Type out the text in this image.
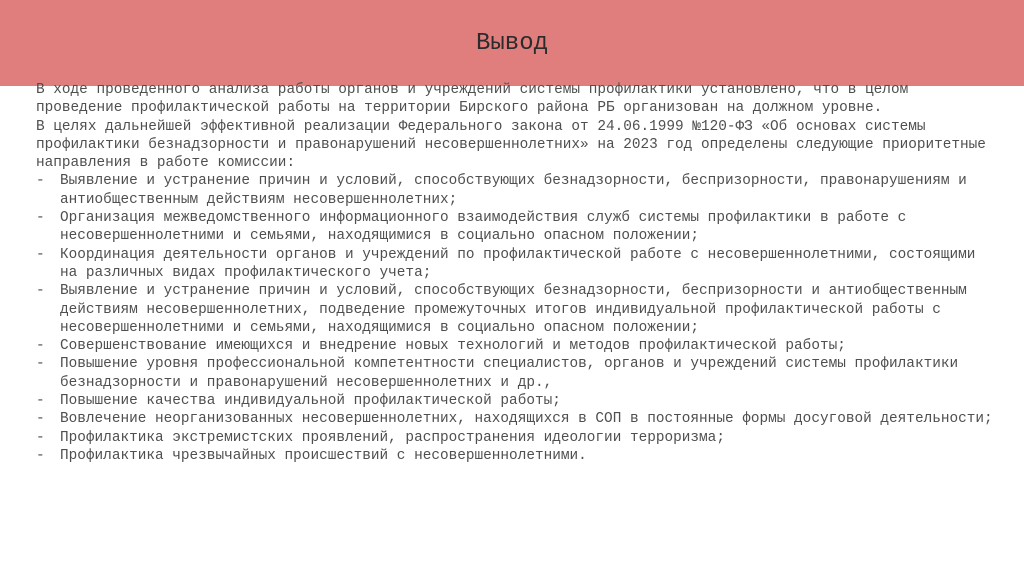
Вывод

В ходе проведенного анализа работы органов и учреждений системы профилактики установлено, что в целом проведение профилактической работы на территории Бирского района РБ организован на должном уровне.

В целях дальнейшей эффективной реализации Федерального закона от 24.06.1999 №120-ФЗ «Об основах системы профилактики безнадзорности и правонарушений несовершеннолетних» на 2023 год определены следующие приоритетные направления в работе комиссии:

-	Выявление и устранение причин и условий, способствующих безнадзорности, беспризорности, правонарушениям и антиобщественным действиям несовершеннолетних;
-	Организация межведомственного информационного взаимодействия служб системы профилактики в работе с несовершеннолетними и семьями, находящимися в социально опасном положении;
-	Координация деятельности органов и учреждений по профилактической работе с несовершеннолетними, состоящими на различных видах профилактического учета;
-	Выявление и устранение причин и условий, способствующих безнадзорности, беспризорности и антиобщественным действиям несовершеннолетних, подведение промежуточных итогов индивидуальной профилактической работы с несовершеннолетними и семьями, находящимися в социально опасном положении;
-	Совершенствование имеющихся и внедрение новых технологий и методов профилактической работы;
-	Повышение уровня профессиональной компетентности специалистов, органов и учреждений системы профилактики безнадзорности и правонарушений несовершеннолетних и др.,
-	Повышение качества индивидуальной профилактической работы;
-	Вовлечение неорганизованных несовершеннолетних, находящихся в СОП в постоянные формы досуговой деятельности;
-	Профилактика экстремистских проявлений, распространения идеологии терроризма;
-	Профилактика чрезвычайных происшествий с несовершеннолетними.
